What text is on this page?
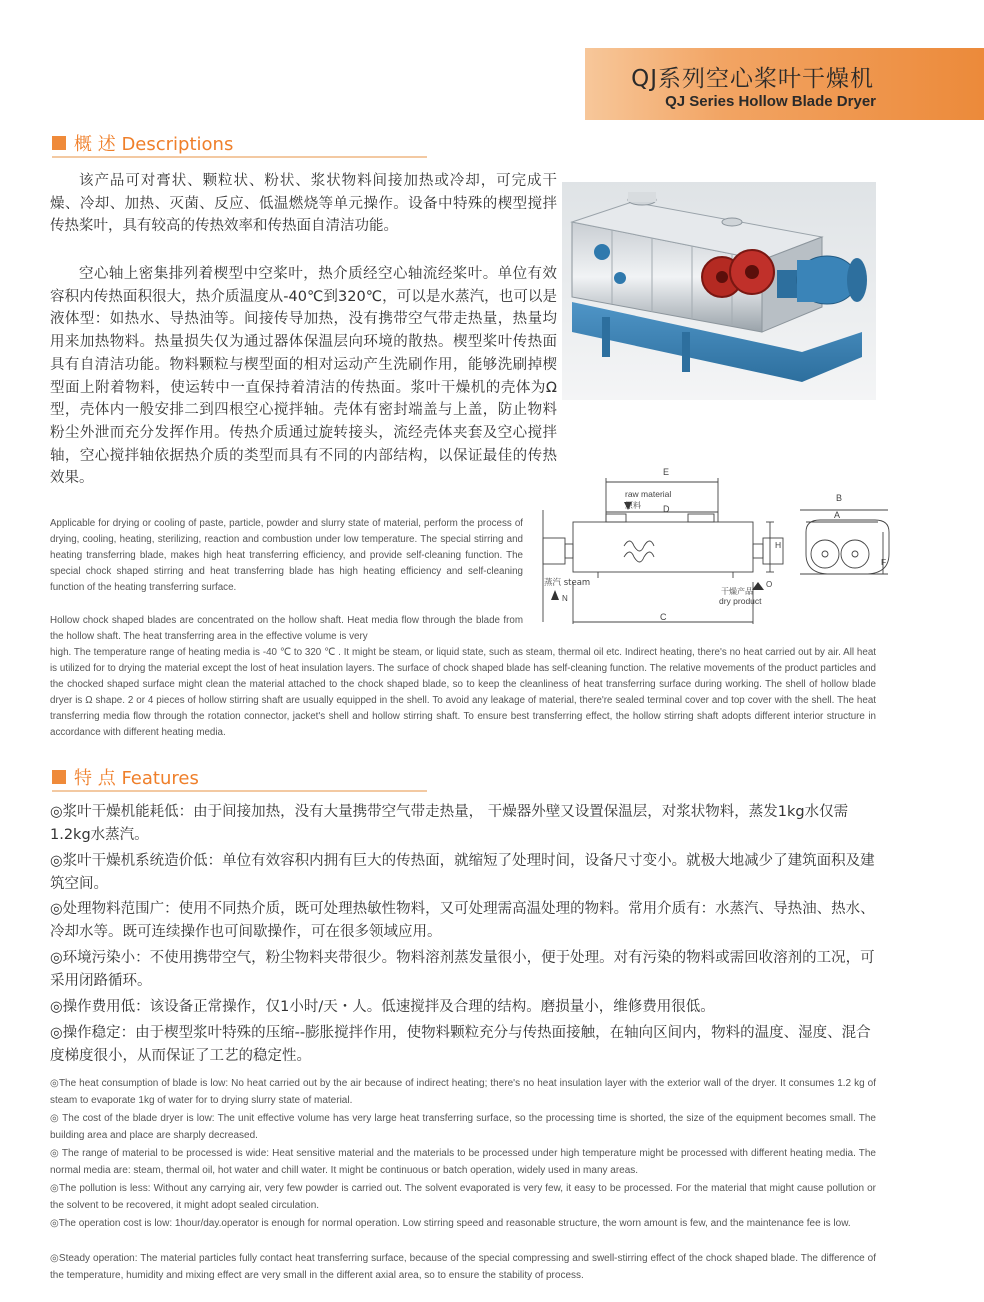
QJ系列空心桨叶干燥机
QJ Series Hollow Blade Dryer
概 述 Descriptions

该产品可对膏状、颗粒状、粉状、浆状物料间接加热或冷却，可完成干燥、冷却、加热、灭菌、反应、低温燃烧等单元操作。设备中特殊的楔型搅拌传热桨叶，具有较高的传热效率和传热面自清洁功能。

空心轴上密集排列着楔型中空桨叶，热介质经空心轴流经桨叶。单位有效容积内传热面积很大，热介质温度从-40℃到320℃，可以是水蒸汽，也可以是液体型：如热水、导热油等。间接传导加热，没有携带空气带走热量，热量均用来加热物料。热量损失仅为通过器体保温层向环境的散热。楔型桨叶传热面具有自清洁功能。物料颗粒与楔型面的相对运动产生洗刷作用，能够洗刷掉楔型面上附着物料，使运转中一直保持着清洁的传热面。浆叶干燥机的壳体为Ω型，壳体内一般安排二到四根空心搅拌轴。壳体有密封端盖与上盖，防止物料粉尘外泄而充分发挥作用。传热介质通过旋转接头，流经壳体夹套及空心搅拌轴，空心搅拌轴依据热介质的类型而具有不同的内部结构，以保证最佳的传热效果。

Applicable for drying or cooling of paste, particle, powder and slurry state of material, perform the process of drying, cooling, heating, sterilizing, reaction and combustion under low temperature. The special stirring and heating transferring blade, makes high heat transferring efficiency, and provide self-cleaning function. The special chock shaped stirring and heat transferring blade has high heating efficiency and self-cleaning function of the heating transferring surface.

Hollow chock shaped blades are concentrated on the hollow shaft. Heat media flow through the blade from the hollow shaft. The heat transferring area in the effective volume is very

high. The temperature range of heating media is -40 ℃ to 320 ℃ . It might be steam, or liquid state, such as steam, thermal oil etc. Indirect heating, there's no heat carried out by air. All heat is utilized for to drying the material except the lost of heat insulation layers. The surface of chock shaped blade has self-cleaning function. The relative movements of the product particles and the chocked shaped surface might clean the material attached to the chock shaped blade, so to keep the cleanliness of heat transferring surface during working. The shell of hollow blade dryer is Ω shape. 2 or 4 pieces of hollow stirring shaft are usually equipped in the shell. To avoid any leakage of material, there're sealed terminal cover and top cover with the shell. The heat transferring media flow through the rotation connector, jacket's shell and hollow stirring shaft. To ensure best transferring effect, the hollow stirring shaft adopts different interior structure in accordance with different heating media.

E
raw material
原料 D
H
B
A
F
蒸汽 steam
N
O
干燥产品
dry product
C
特 点 Features

◎浆叶干燥机能耗低：由于间接加热，没有大量携带空气带走热量， 干燥器外壁又设置保温层，对浆状物料，蒸发1kg水仅需1.2kg水蒸汽。

◎浆叶干燥机系统造价低：单位有效容积内拥有巨大的传热面，就缩短了处理时间，设备尺寸变小。就极大地减少了建筑面积及建筑空间。

◎处理物料范围广：使用不同热介质，既可处理热敏性物料，又可处理需高温处理的物料。常用介质有：水蒸汽、导热油、热水、冷却水等。既可连续操作也可间歇操作，可在很多领域应用。

◎环境污染小：不使用携带空气，粉尘物料夹带很少。物料溶剂蒸发量很小，便于处理。对有污染的物料或需回收溶剂的工况，可采用闭路循环。

◎操作费用低：该设备正常操作，仅1小时/天・人。低速搅拌及合理的结构。磨损量小，维修费用很低。

◎操作稳定：由于楔型浆叶特殊的压缩--膨胀搅拌作用，使物料颗粒充分与传热面接触，在轴向区间内，物料的温度、湿度、混合度梯度很小，从而保证了工艺的稳定性。

◎The heat consumption of blade is low: No heat carried out by the air because of indirect heating; there's no heat insulation layer with the exterior wall of the dryer. It consumes 1.2 kg of steam to evaporate 1kg of water for to drying slurry state of material.

◎ The cost of the blade dryer is low: The unit effective volume has very large heat transferring surface, so the processing time is shorted, the size of the equipment becomes small. The building area and place are sharply decreased.

◎ The range of material to be processed is wide: Heat sensitive material and the materials to be processed under high temperature might be processed with different heating media. The normal media are: steam, thermal oil, hot water and chill water. It might be continuous or batch operation, widely used in many areas.

◎The pollution is less: Without any carrying air, very few powder is carried out. The solvent evaporated is very few, it easy to be processed. For the material that might cause pollution or the solvent to be recovered, it might adopt sealed circulation.

◎The operation cost is low: 1hour/day.operator is enough for normal operation. Low stirring speed and reasonable structure, the worn amount is few, and the maintenance fee is low.

◎Steady operation: The material particles fully contact heat transferring surface, because of the special compressing and swell-stirring effect of the chock shaped blade. The difference of the temperature, humidity and mixing effect are very small in the different axial area, so to ensure the stability of process.
